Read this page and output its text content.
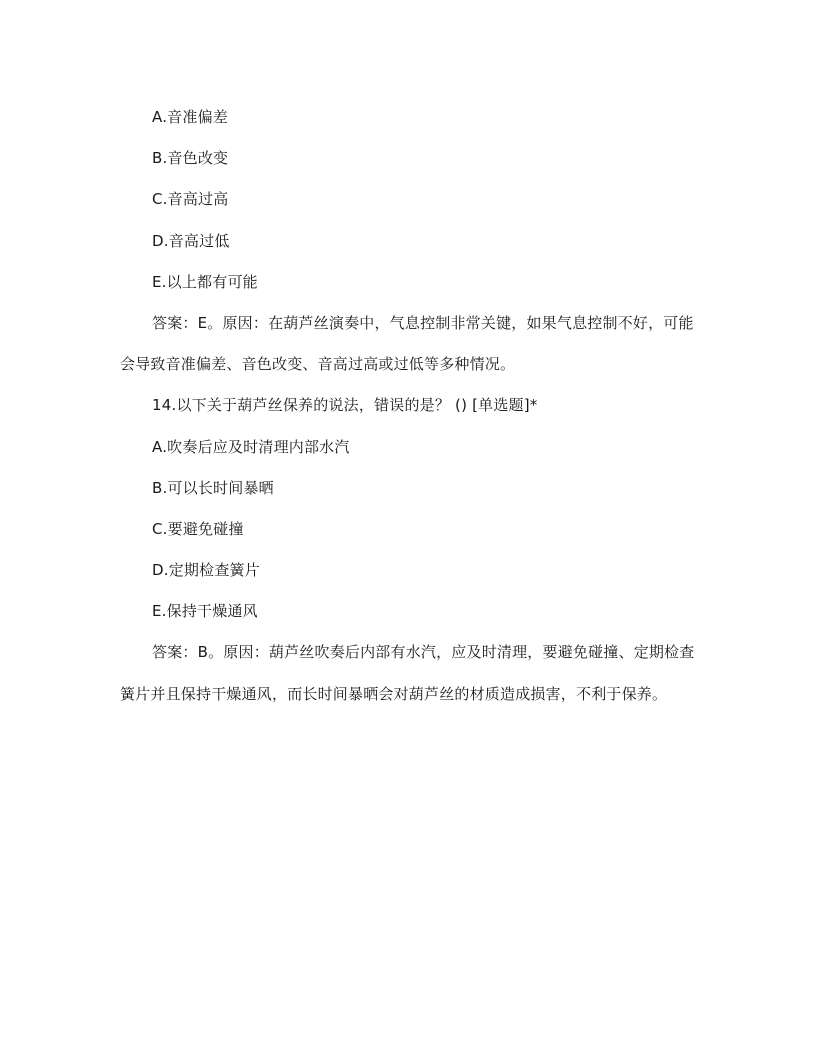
A.音准偏差
B.音色改变
C.音高过高
D.音高过低
E.以上都有可能

答案：E。原因：在葫芦丝演奏中，气息控制非常关键，如果气息控制不好，可能会导致音准偏差、音色改变、音高过高或过低等多种情况。

14.以下关于葫芦丝保养的说法，错误的是？ () [单选题]*
A.吹奏后应及时清理内部水汽
B.可以长时间暴晒
C.要避免碰撞
D.定期检查簧片
E.保持干燥通风

答案：B。原因：葫芦丝吹奏后内部有水汽，应及时清理，要避免碰撞、定期检查簧片并且保持干燥通风，而长时间暴晒会对葫芦丝的材质造成损害，不利于保养。
